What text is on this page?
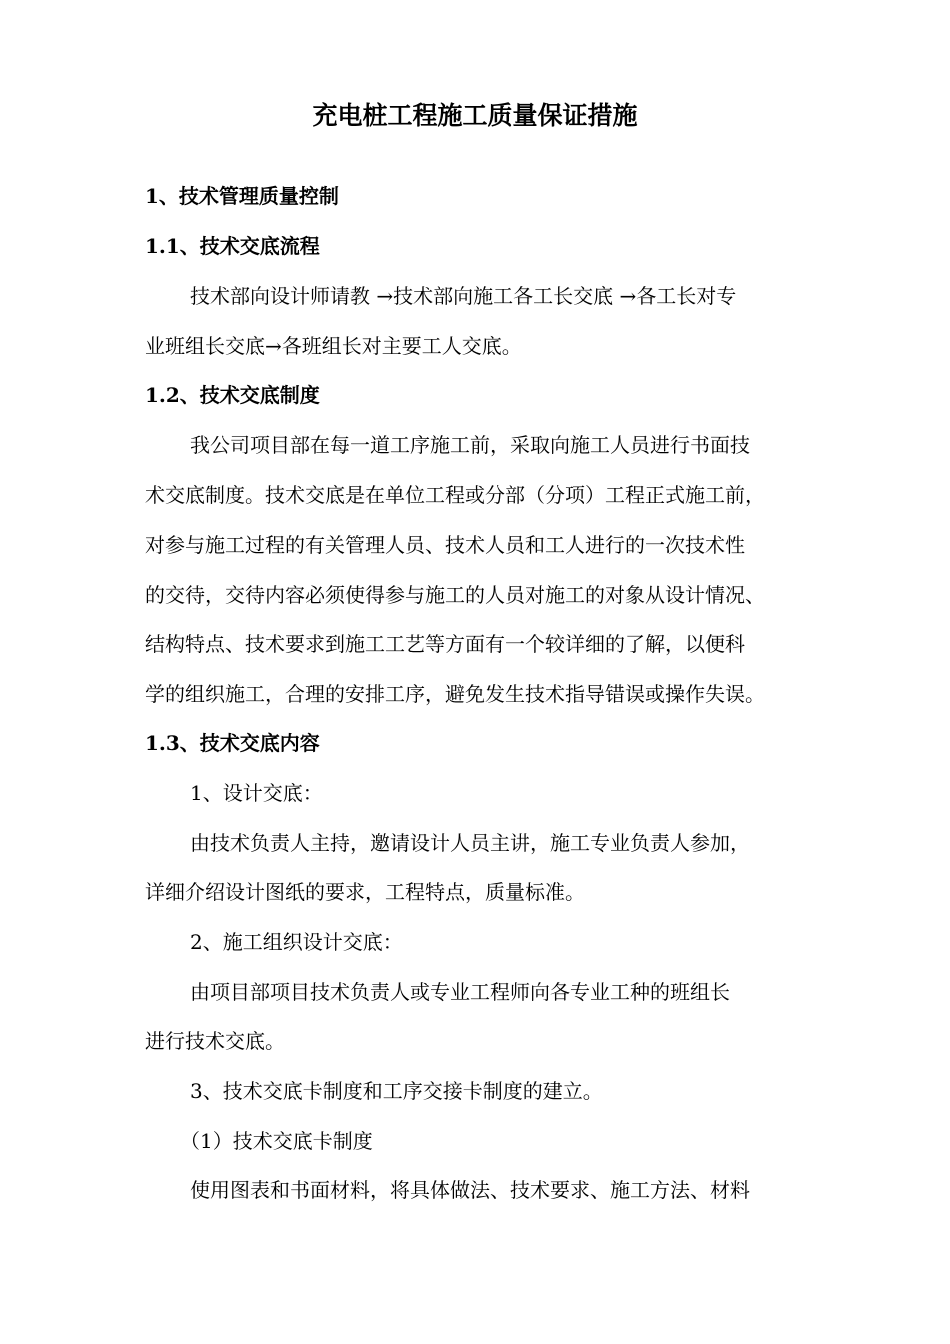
充电桩工程施工质量保证措施
1、技术管理质量控制
1.1、技术交底流程
技术部向设计师请教 →技术部向施工各工长交底 →各工长对专
业班组长交底→各班组长对主要工人交底。
1.2、技术交底制度
我公司项目部在每一道工序施工前，采取向施工人员进行书面技
术交底制度。技术交底是在单位工程或分部（分项）工程正式施工前，
对参与施工过程的有关管理人员、技术人员和工人进行的一次技术性
的交待，交待内容必须使得参与施工的人员对施工的对象从设计情况、
结构特点、技术要求到施工工艺等方面有一个较详细的了解，以便科
学的组织施工，合理的安排工序，避免发生技术指导错误或操作失误。
1.3、技术交底内容
1、设计交底：
由技术负责人主持，邀请设计人员主讲，施工专业负责人参加，
详细介绍设计图纸的要求，工程特点，质量标准。
2、施工组织设计交底：
由项目部项目技术负责人或专业工程师向各专业工种的班组长
进行技术交底。
3、技术交底卡制度和工序交接卡制度的建立。
（1）技术交底卡制度
使用图表和书面材料，将具体做法、技术要求、施工方法、材料
